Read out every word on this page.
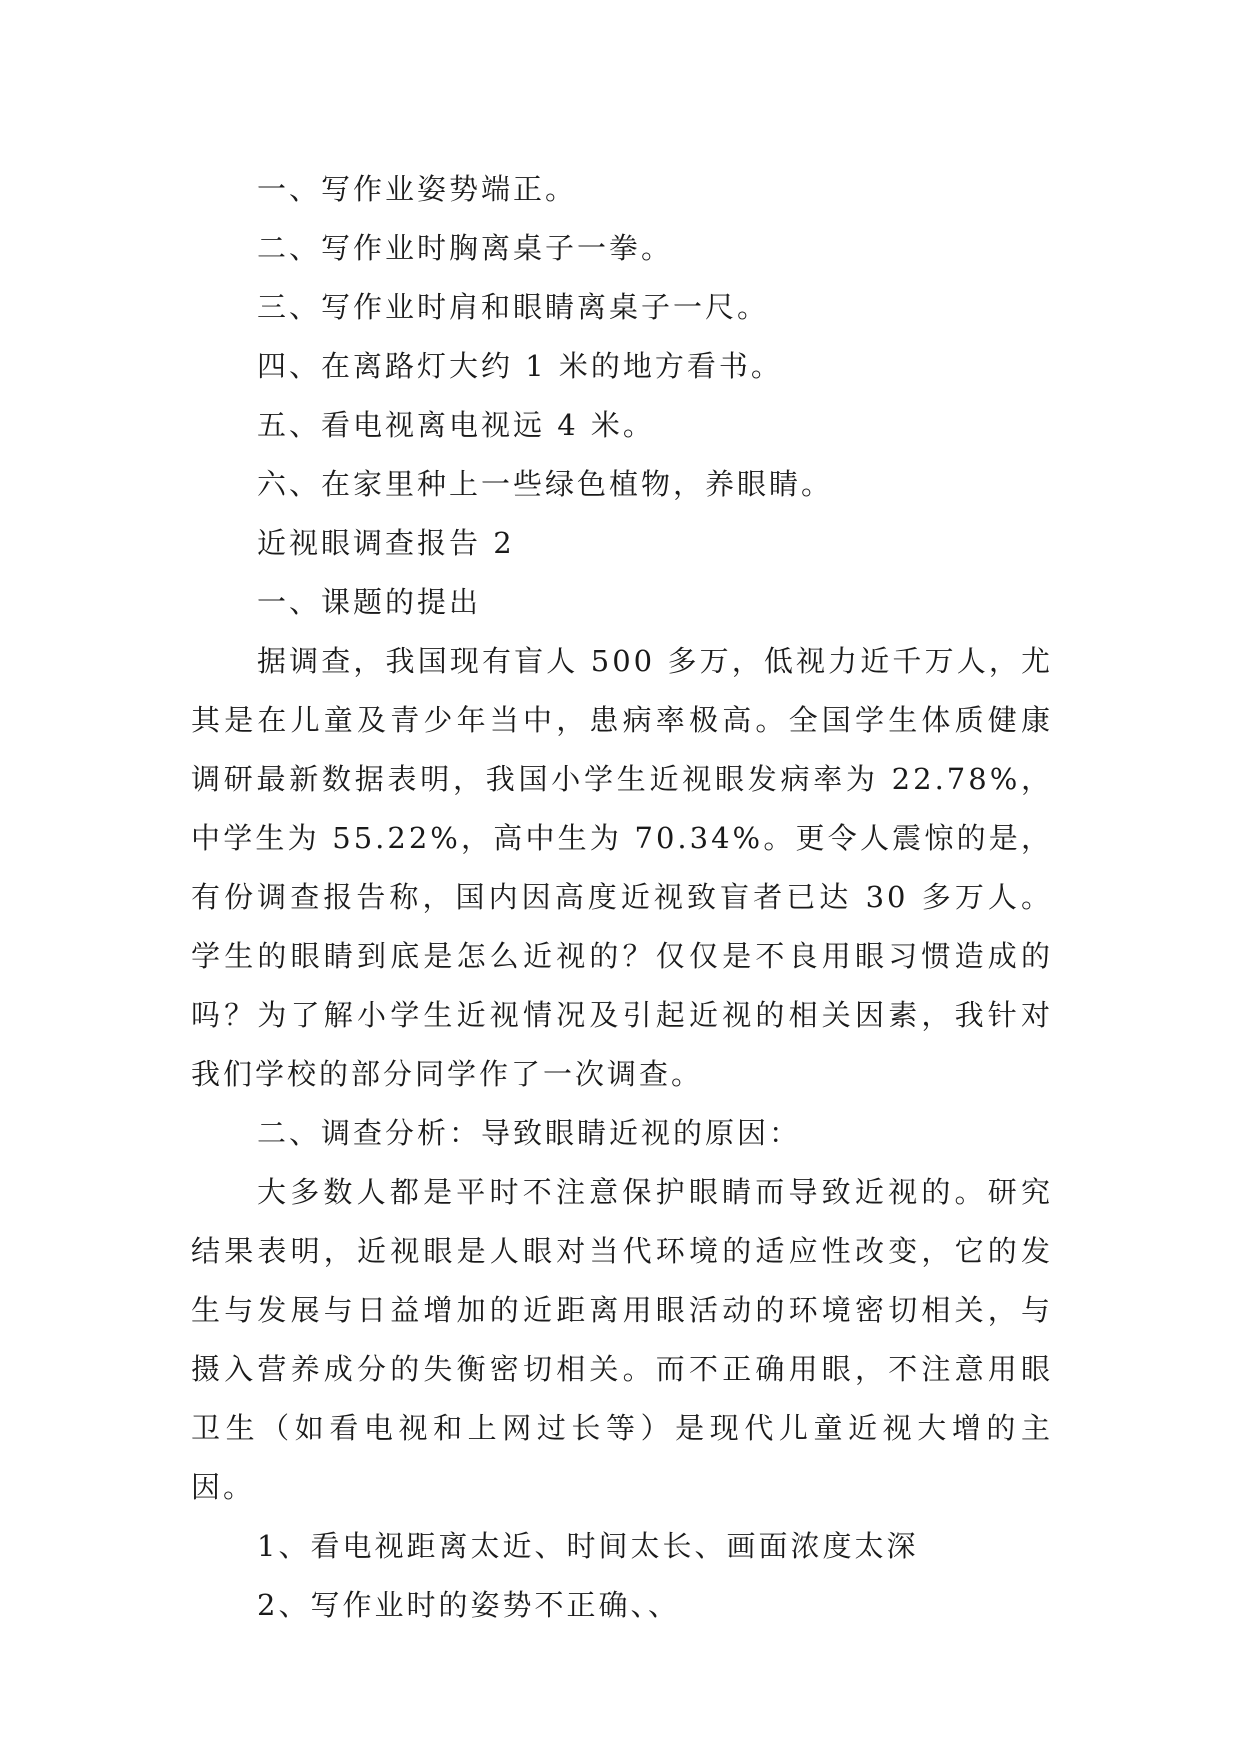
一、写作业姿势端正。

二、写作业时胸离桌子一拳。

三、写作业时肩和眼睛离桌子一尺。

四、在离路灯大约 1 米的地方看书。

五、看电视离电视远 4 米。

六、在家里种上一些绿色植物，养眼睛。

近视眼调查报告 2

一、课题的提出

据调查，我国现有盲人 500 多万，低视力近千万人，尤其是在儿童及青少年当中，患病率极高。全国学生体质健康调研最新数据表明，我国小学生近视眼发病率为 22.78%，中学生为 55.22%，高中生为 70.34%。更令人震惊的是，有份调查报告称，国内因高度近视致盲者已达 30 多万人。学生的眼睛到底是怎么近视的？仅仅是不良用眼习惯造成的吗？为了解小学生近视情况及引起近视的相关因素，我针对我们学校的部分同学作了一次调查。

二、调查分析：导致眼睛近视的原因：

大多数人都是平时不注意保护眼睛而导致近视的。研究结果表明，近视眼是人眼对当代环境的适应性改变，它的发生与发展与日益增加的近距离用眼活动的环境密切相关，与摄入营养成分的失衡密切相关。而不正确用眼，不注意用眼卫生（如看电视和上网过长等）是现代儿童近视大增的主因。

1、看电视距离太近、时间太长、画面浓度太深

2、写作业时的姿势不正确、、
